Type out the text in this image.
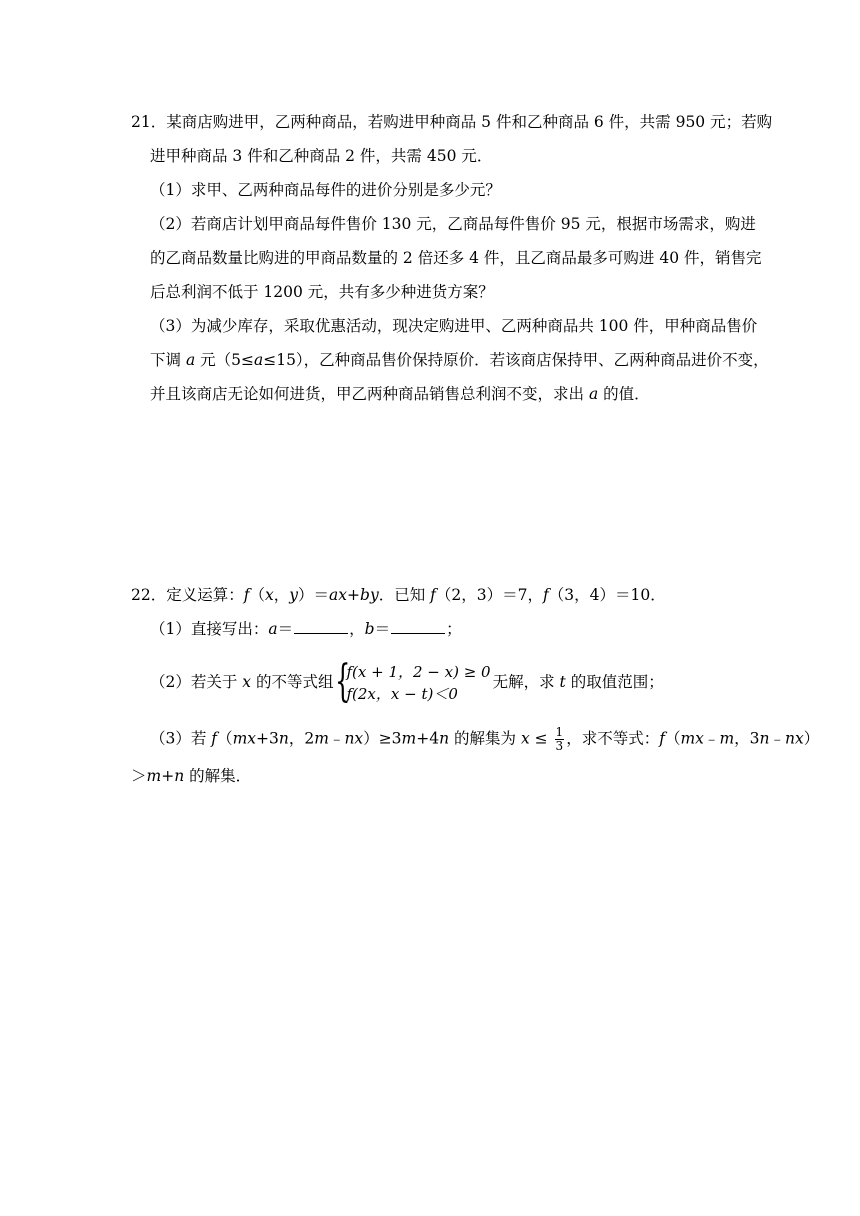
21．某商店购进甲，乙两种商品，若购进甲种商品 5 件和乙种商品 6 件，共需 950 元；若购
进甲种商品 3 件和乙种商品 2 件，共需 450 元．
（1）求甲、乙两种商品每件的进价分别是多少元？
（2）若商店计划甲商品每件售价 130 元，乙商品每件售价 95 元，根据市场需求，购进
的乙商品数量比购进的甲商品数量的 2 倍还多 4 件，且乙商品最多可购进 40 件，销售完
后总利润不低于 1200 元，共有多少种进货方案？
（3）为减少库存，采取优惠活动，现决定购进甲、乙两种商品共 100 件，甲种商品售价
下调 a 元（5≤a≤15），乙种商品售价保持原价．若该商店保持甲、乙两种商品进价不变，
并且该商店无论如何进货，甲乙两种商品销售总利润不变，求出 a 的值．
22．定义运算：f（x，y）＝ax+by．已知 f（2，3）＝7，f（3，4）＝10．
（1）直接写出：a＝	，b＝	；
（2）若关于 x 的不等式组 {
f(x + 1，2 − x) ≥ 0
f(2x，x − t)＜0
无解，求 t 的取值范围；
（3）若 f（mx+3n，2m﹣nx）≥3m+4n 的解集为 $x \le \frac{1}{3}$ ，求不等式：f（mx﹣m，3n﹣nx）
＞m+n 的解集．
